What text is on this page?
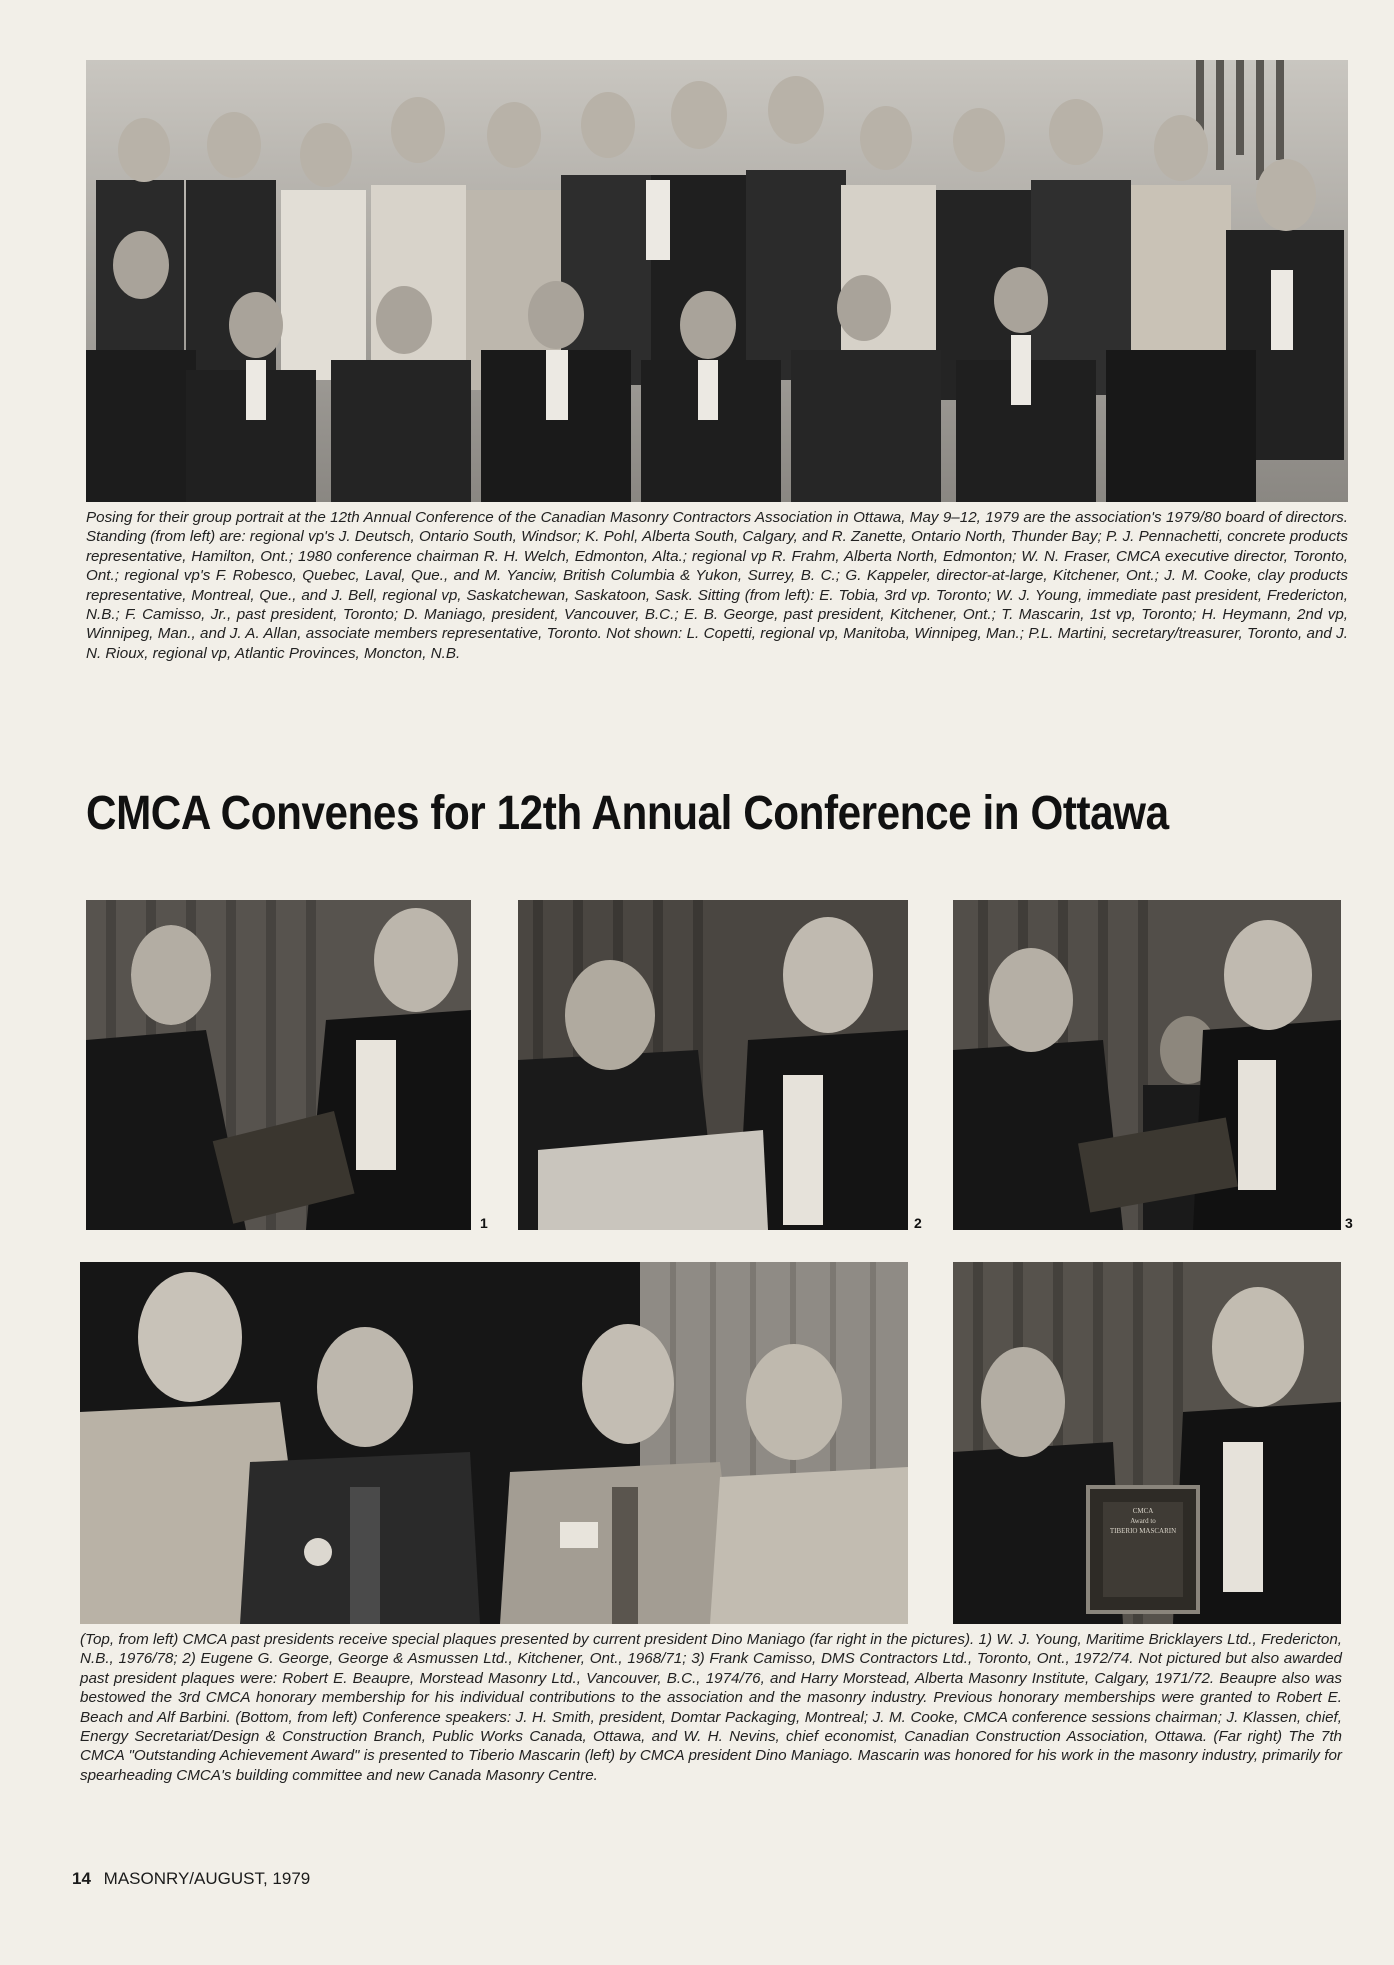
Posing for their group portrait at the 12th Annual Conference of the Canadian Masonry Contractors Association in Ottawa, May 9–12, 1979 are the association's 1979/80 board of directors. Standing (from left) are: regional vp's J. Deutsch, Ontario South, Windsor; K. Pohl, Alberta South, Calgary, and R. Zanette, Ontario North, Thunder Bay; P. J. Pennachetti, concrete products representative, Hamilton, Ont.; 1980 conference chairman R. H. Welch, Edmonton, Alta.; regional vp R. Frahm, Alberta North, Edmonton; W. N. Fraser, CMCA executive director, Toronto, Ont.; regional vp's F. Robesco, Quebec, Laval, Que., and M. Yanciw, British Columbia & Yukon, Surrey, B. C.; G. Kappeler, director-at-large, Kitchener, Ont.; J. M. Cooke, clay products representative, Montreal, Que., and J. Bell, regional vp, Saskatchewan, Saskatoon, Sask. Sitting (from left): E. Tobia, 3rd vp. Toronto; W. J. Young, immediate past president, Fredericton, N.B.; F. Camisso, Jr., past president, Toronto; D. Maniago, president, Vancouver, B.C.; E. B. George, past president, Kitchener, Ont.; T. Mascarin, 1st vp, Toronto; H. Heymann, 2nd vp, Winnipeg, Man., and J. A. Allan, associate members representative, Toronto. Not shown: L. Copetti, regional vp, Manitoba, Winnipeg, Man.; P.L. Martini, secretary/treasurer, Toronto, and J. N. Rioux, regional vp, Atlantic Provinces, Moncton, N.B.

CMCA Convenes for 12th Annual Conference in Ottawa
1	2	3
CMCA
Award to
TIBERIO MASCARIN

(Top, from left) CMCA past presidents receive special plaques presented by current president Dino Maniago (far right in the pictures). 1) W. J. Young, Maritime Bricklayers Ltd., Fredericton, N.B., 1976/78; 2) Eugene G. George, George & Asmussen Ltd., Kitchener, Ont., 1968/71; 3) Frank Camisso, DMS Contractors Ltd., Toronto, Ont., 1972/74. Not pictured but also awarded past president plaques were: Robert E. Beaupre, Morstead Masonry Ltd., Vancouver, B.C., 1974/76, and Harry Morstead, Alberta Masonry Institute, Calgary, 1971/72. Beaupre also was bestowed the 3rd CMCA honorary membership for his individual contributions to the association and the masonry industry. Previous honorary memberships were granted to Robert E. Beach and Alf Barbini. (Bottom, from left) Conference speakers: J. H. Smith, president, Domtar Packaging, Montreal; J. M. Cooke, CMCA conference sessions chairman; J. Klassen, chief, Energy Secretariat/Design & Construction Branch, Public Works Canada, Ottawa, and W. H. Nevins, chief economist, Canadian Construction Association, Ottawa. (Far right) The 7th CMCA "Outstanding Achievement Award" is presented to Tiberio Mascarin (left) by CMCA president Dino Maniago. Mascarin was honored for his work in the masonry industry, primarily for spearheading CMCA's building committee and new Canada Masonry Centre.

14 MASONRY/AUGUST, 1979
